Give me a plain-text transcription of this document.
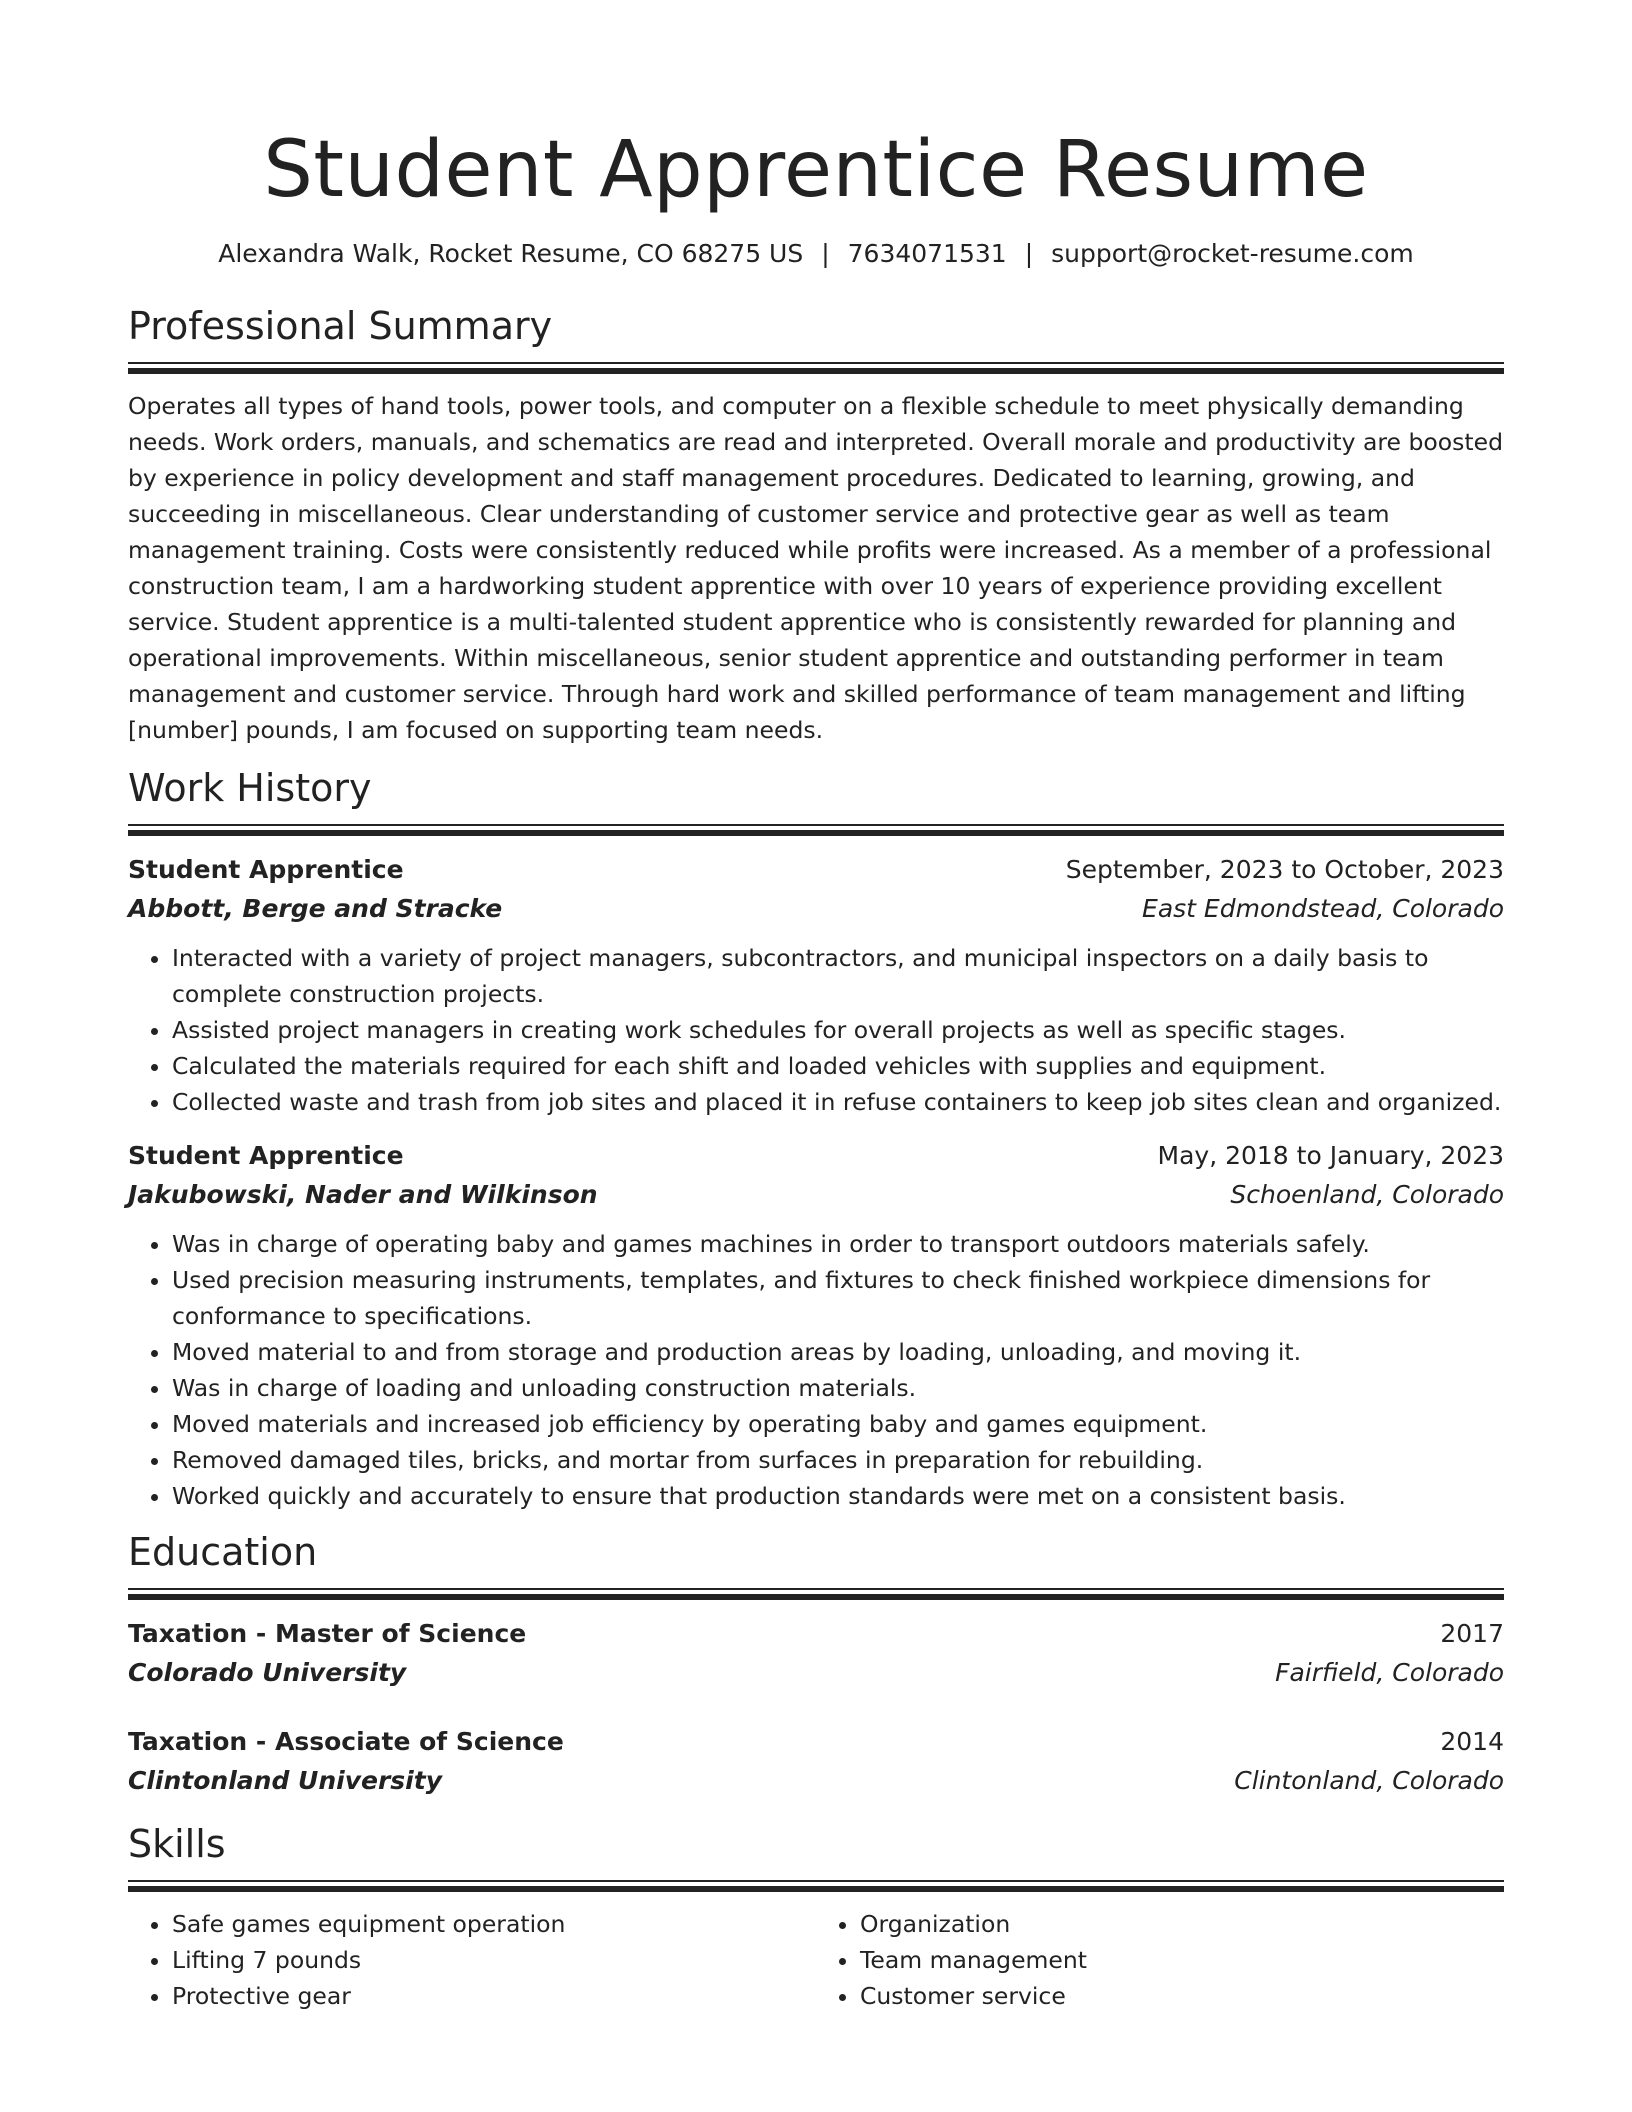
Student Apprentice Resume
Alexandra Walk, Rocket Resume, CO 68275 US | 7634071531 | support@rocket-resume.com
Professional Summary

Operates all types of hand tools, power tools, and computer on a flexible schedule to meet physically demanding needs. Work orders, manuals, and schematics are read and interpreted. Overall morale and productivity are boosted by experience in policy development and staff management procedures. Dedicated to learning, growing, and succeeding in miscellaneous. Clear understanding of customer service and protective gear as well as team management training. Costs were consistently reduced while profits were increased. As a member of a professional construction team, I am a hardworking student apprentice with over 10 years of experience providing excellent service. Student apprentice is a multi-talented student apprentice who is consistently rewarded for planning and operational improvements. Within miscellaneous, senior student apprentice and outstanding performer in team management and customer service. Through hard work and skilled performance of team management and lifting [number] pounds, I am focused on supporting team needs.

Work History
Student Apprentice	September, 2023 to October, 2023
Abbott, Berge and Stracke	East Edmondstead, Colorado
• Interacted with a variety of project managers, subcontractors, and municipal inspectors on a daily basis to complete construction projects.
• Assisted project managers in creating work schedules for overall projects as well as specific stages.
• Calculated the materials required for each shift and loaded vehicles with supplies and equipment.
• Collected waste and trash from job sites and placed it in refuse containers to keep job sites clean and organized.
Student Apprentice	May, 2018 to January, 2023
Jakubowski, Nader and Wilkinson	Schoenland, Colorado
• Was in charge of operating baby and games machines in order to transport outdoors materials safely.
• Used precision measuring instruments, templates, and fixtures to check finished workpiece dimensions for conformance to specifications.
• Moved material to and from storage and production areas by loading, unloading, and moving it.
• Was in charge of loading and unloading construction materials.
• Moved materials and increased job efficiency by operating baby and games equipment.
• Removed damaged tiles, bricks, and mortar from surfaces in preparation for rebuilding.
• Worked quickly and accurately to ensure that production standards were met on a consistent basis.
Education
Taxation - Master of Science	2017
Colorado University	Fairfield, Colorado
Taxation - Associate of Science	2014
Clintonland University	Clintonland, Colorado
Skills
• Safe games equipment operation
• Lifting 7 pounds
• Protective gear
• Organization
• Team management
• Customer service
